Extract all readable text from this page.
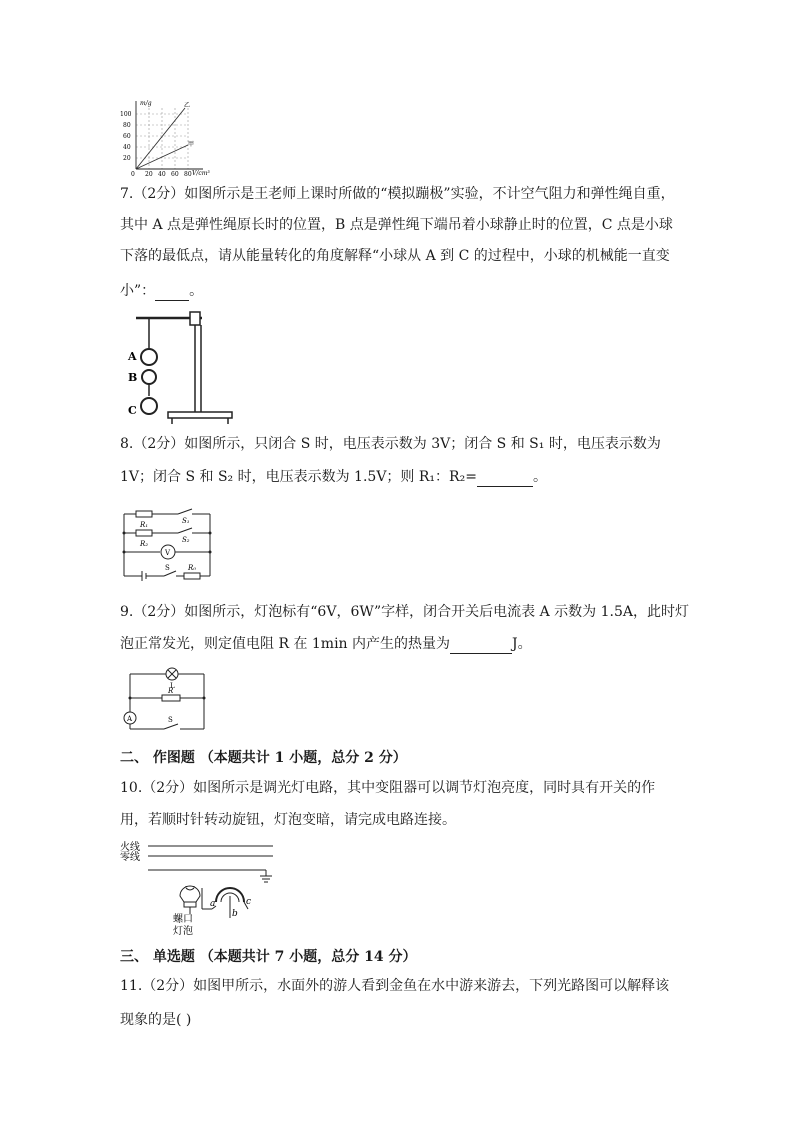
m/g
V/cm³
100
80
60
40
20
0 20 40 60 80
乙
甲
7.（2分）如图所示是王老师上课时所做的“模拟蹦极”实验，不计空气阻力和弹性绳自重，
其中 A 点是弹性绳原长时的位置，B 点是弹性绳下端吊着小球静止时的位置，C 点是小球
下落的最低点，请从能量转化的角度解释“小球从 A 到 C 的过程中，小球的机械能一直变
小”： 。
A
B
C
8.（2分）如图所示，只闭合 S 时，电压表示数为 3V；闭合 S 和 S₁ 时，电压表示数为
1V；闭合 S 和 S₂ 时，电压表示数为 1.5V；则 R₁：R₂=	。
R₁	S₁
R₂	S₂
V
S	R₀
9.（2分）如图所示，灯泡标有“6V，6W”字样，闭合开关后电流表 A 示数为 1.5A，此时灯
泡正常发光，则定值电阻 R 在 1min 内产生的热量为	J。
L
R
A	S
二、 作图题 （本题共计 1 小题，总分 2 分）
10.（2分）如图所示是调光灯电路，其中变阻器可以调节灯泡亮度，同时具有开关的作
用，若顺时针转动旋钮，灯泡变暗，请完成电路连接。
火线
零线
螺口
灯泡
a
b
c
三、 单选题 （本题共计 7 小题，总分 14 分）
11.（2分）如图甲所示，水面外的游人看到金鱼在水中游来游去，下列光路图可以解释该
现象的是( )
